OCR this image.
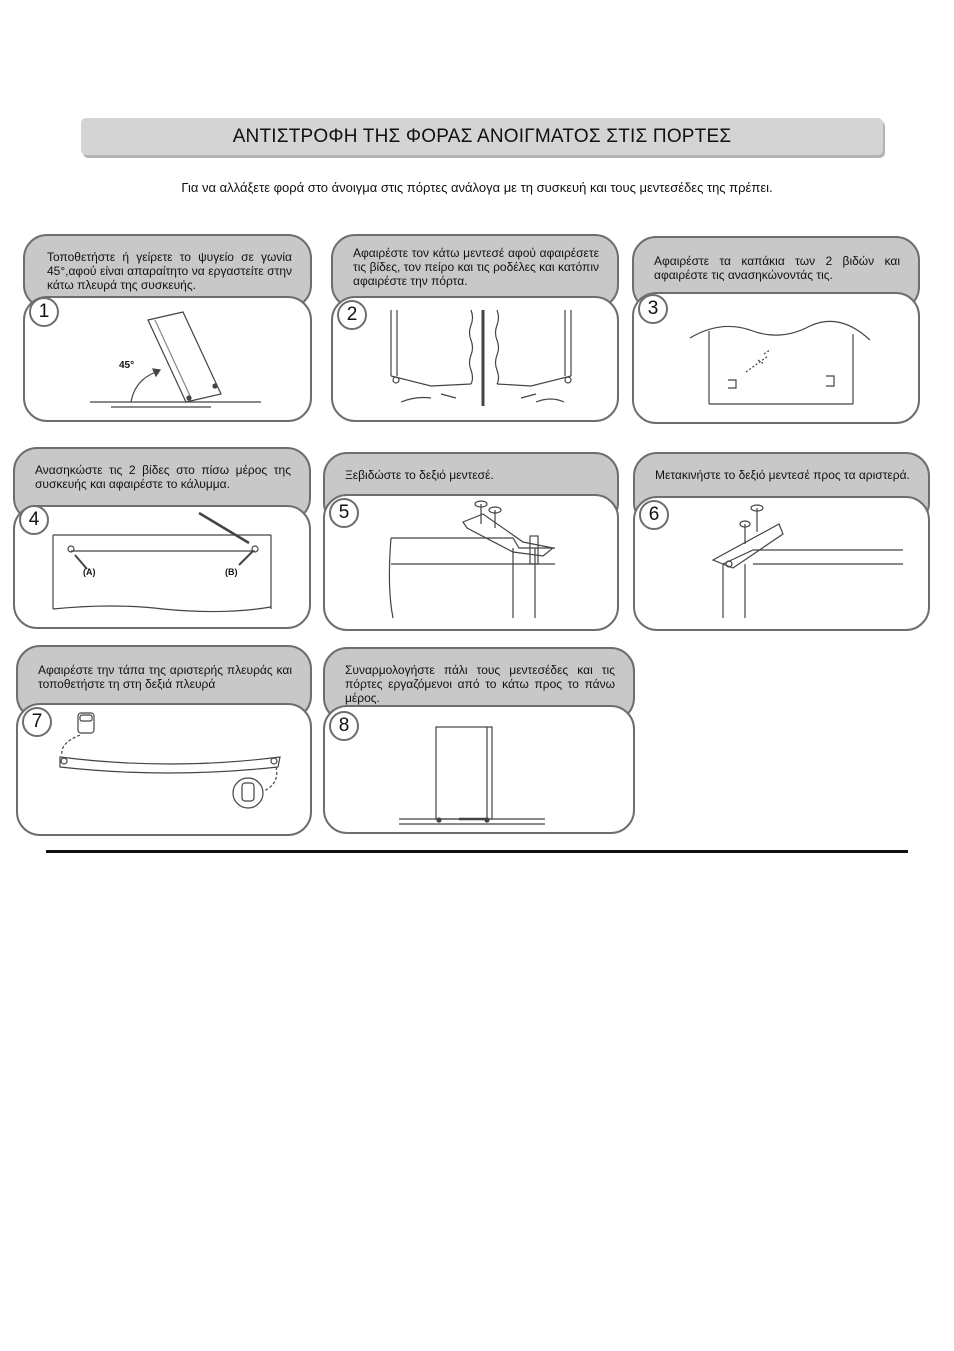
ΑΝΤΙΣΤΡΟΦΗ ΤΗΣ ΦΟΡΑΣ ΑΝΟΙΓΜΑΤΟΣ ΣΤΙΣ ΠΟΡΤΕΣ
Για να αλλάξετε φορά στο άνοιγμα στις πόρτες ανάλογα με τη συσκευή και τους μεντεσέδες της πρέπει.
Τοποθετήστε ή γείρετε το ψυγείο σε γωνία 45°,αφού είναι απαραίτητο να εργαστείτε στην κάτω πλευρά της συσκευής.
45°
1
Αφαιρέστε τον κάτω μεντεσέ αφού αφαιρέσετε τις βίδες, τον πείρο και τις ροδέλες και κατόπιν αφαιρέστε την πόρτα.
2
Αφαιρέστε τα καπάκια των 2 βιδών και αφαιρέστε τις ανασηκώνοντάς τις.
3
Ανασηκώστε τις 2 βίδες στο πίσω μέρος της συσκευής και αφαιρέστε το κάλυμμα.
(A)	(B)
4
Ξεβιδώστε το δεξιό μεντεσέ.
5
Μετακινήστε το δεξιό μεντεσέ προς τα αριστερά.
6
Αφαιρέστε την τάπα της αριστερής πλευράς και τοποθετήστε τη στη δεξιά πλευρά
7
Συναρμολογήστε πάλι τους μεντεσέδες και τις πόρτες εργαζόμενοι από το κάτω προς το πάνω μέρος.
8
